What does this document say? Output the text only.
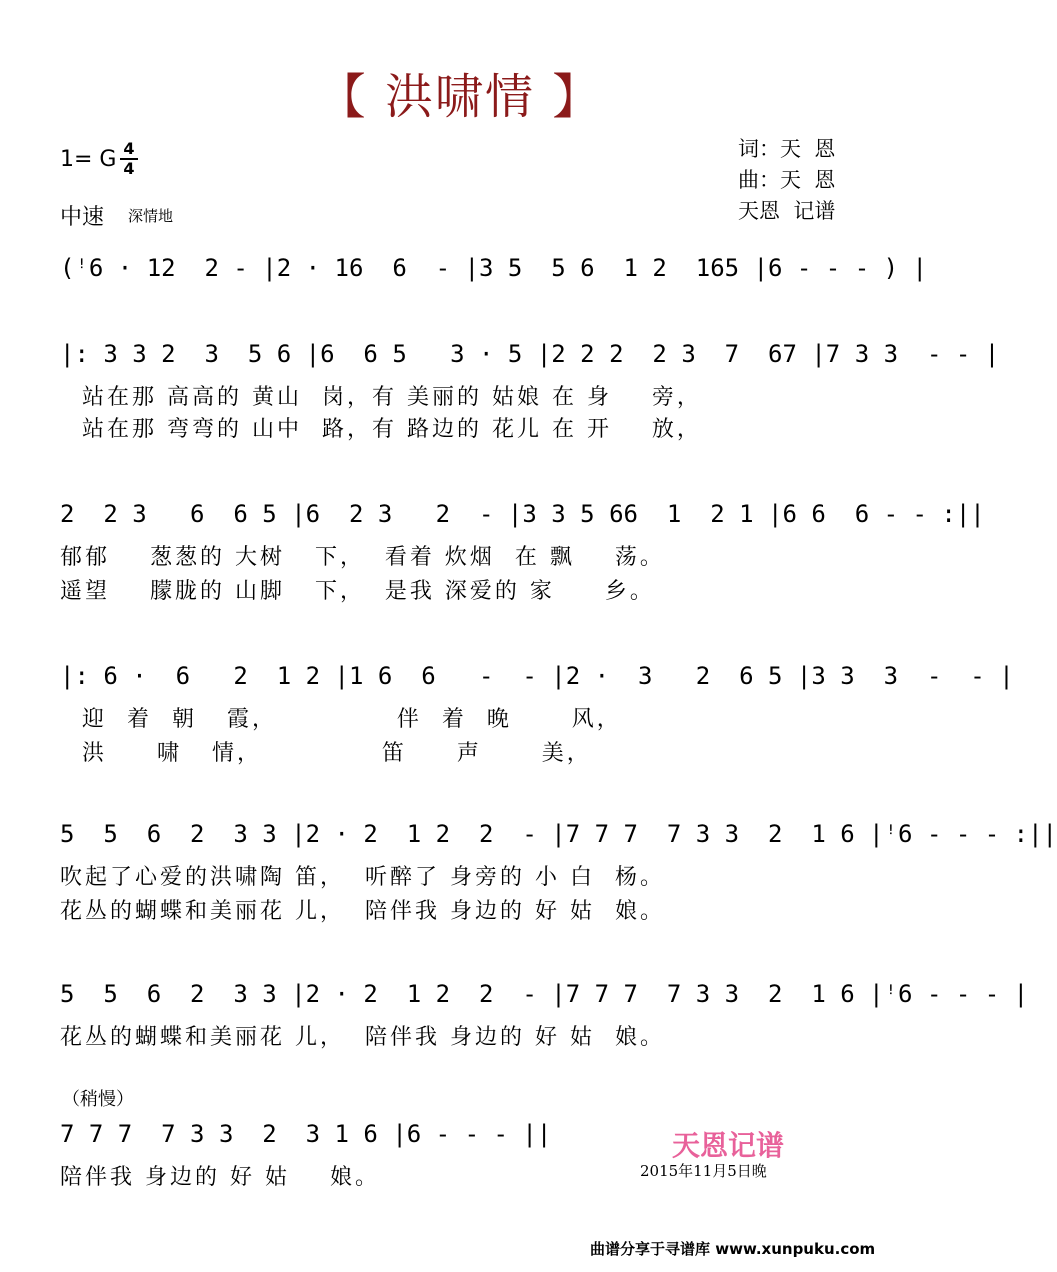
【 洪啸情 】
1= G 4
4
中速 深情地
词：天  恩
曲：天  恩
天恩  记谱
(ꜝ6 · 12  2 - |2 · 16  6  - |3 5  5 6  1 2  165 |6 - - - ) |
|: 3 3 2  3  5 6 |6  6 5   3 · 5 |2 2 2  2 3  7  67 |7 3 3  - - |
站在那 高高的 黄山  岗，有 美丽的 姑娘 在 身    旁，
站在那 弯弯的 山中  路，有 路边的 花儿 在 开    放，
2  2 3   6  6 5 |6  2 3   2  - |3 3 5 66  1  2 1 |6 6  6 - - :||
郁郁    葱葱的 大树   下，  看着 炊烟  在 飘    荡。
遥望    朦胧的 山脚   下，  是我 深爱的 家     乡。
|: 6 ·  6   2  1 2 |1 6  6   -  - |2 ·  3   2  6 5 |3 3  3  -  - |
迎  着  朝   霞，            伴  着  晚      风，
洪     啸   情，            笛     声      美，
5  5  6  2  3 3 |2 · 2  1 2  2  - |7 7 7  7 3 3  2  1 6 |ꜝ6 - - - :||
吹起了心爱的洪啸陶 笛，  听醉了 身旁的 小 白  杨。
花丛的蝴蝶和美丽花 儿，  陪伴我 身边的 好 姑  娘。
5  5  6  2  3 3 |2 · 2  1 2  2  - |7 7 7  7 3 3  2  1 6 |ꜝ6 - - - |
花丛的蝴蝶和美丽花 儿，  陪伴我 身边的 好 姑  娘。
（稍慢）
7 7 7  7 3 3  2  3 1 6 |6 - - - ||
陪伴我 身边的 好 姑    娘。
天恩记谱
2015年11月5日晚
曲谱分享于寻谱库 www.xunpuku.com
